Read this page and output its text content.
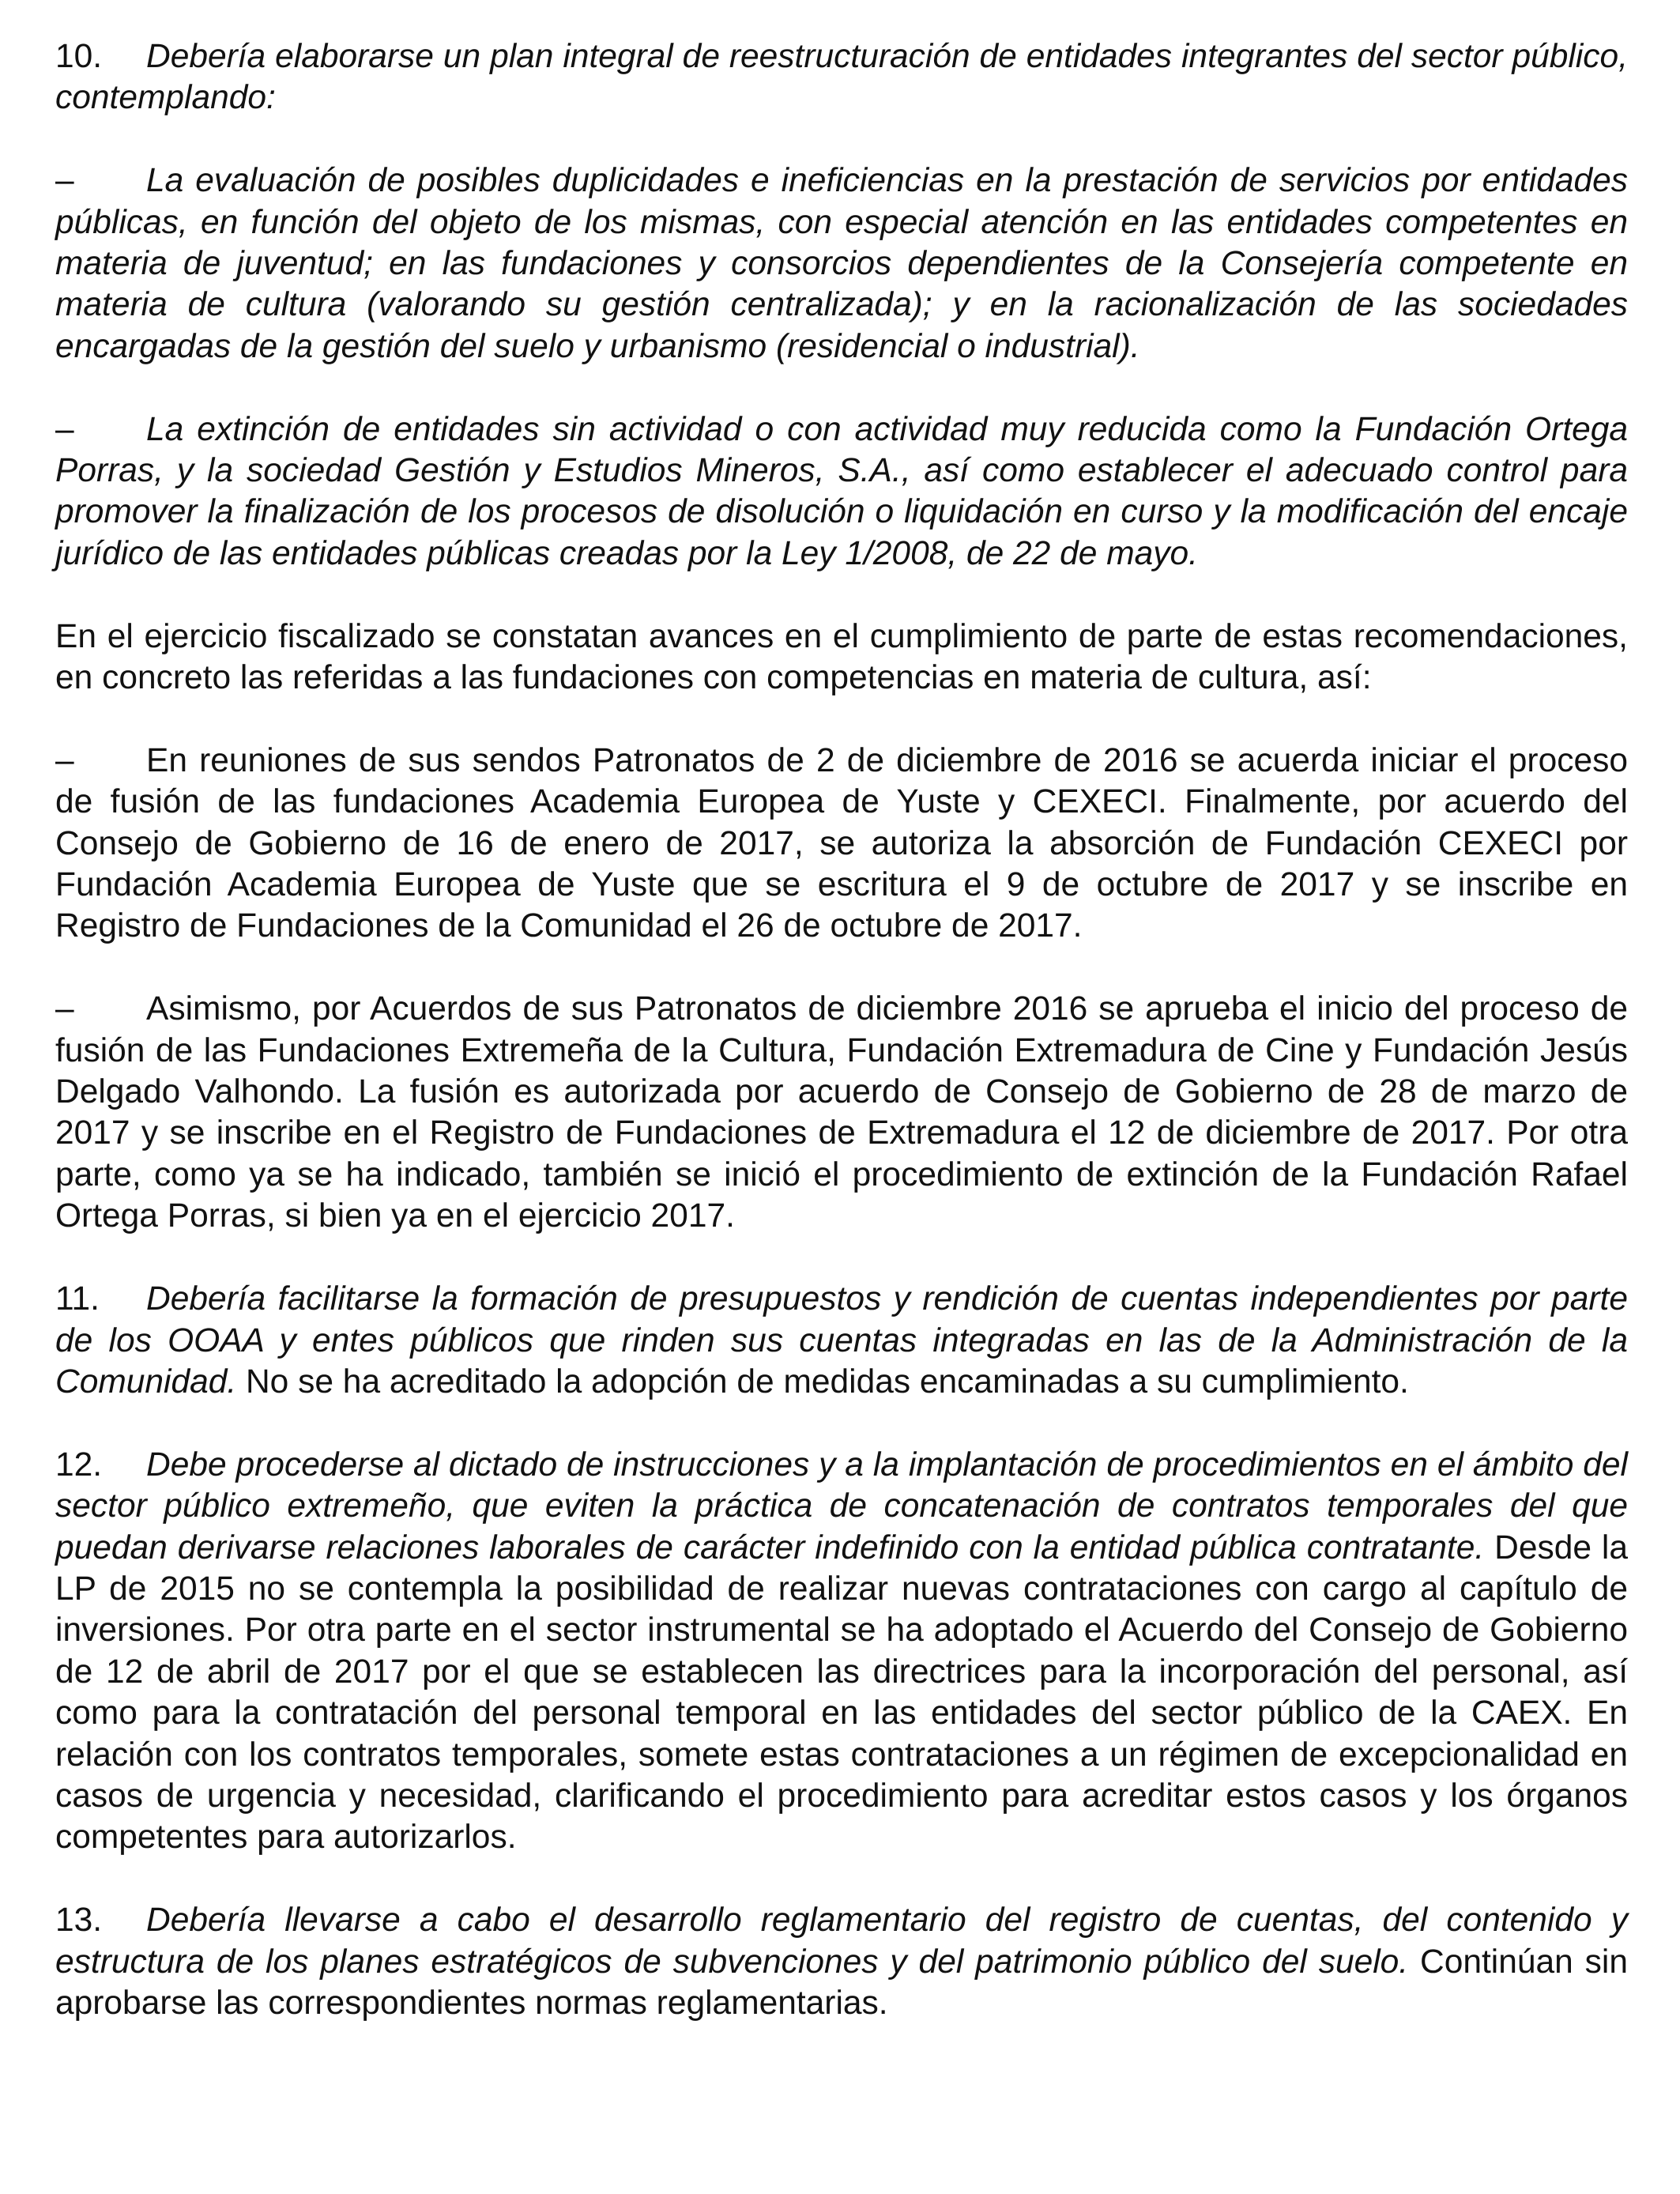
10. Debería elaborarse un plan integral de reestructuración de entidades integrantes del sector público, contemplando:

– La evaluación de posibles duplicidades e ineficiencias en la prestación de servicios por entidades públicas, en función del objeto de los mismas, con especial atención en las entidades competentes en materia de juventud; en las fundaciones y consorcios dependientes de la Consejería competente en materia de cultura (valorando su gestión centralizada); y en la racionalización de las sociedades encargadas de la gestión del suelo y urbanismo (residencial o industrial).

– La extinción de entidades sin actividad o con actividad muy reducida como la Fundación Ortega Porras, y la sociedad Gestión y Estudios Mineros, S.A., así como establecer el adecuado control para promover la finalización de los procesos de disolución o liquidación en curso y la modificación del encaje jurídico de las entidades públicas creadas por la Ley 1/2008, de 22 de mayo.

En el ejercicio fiscalizado se constatan avances en el cumplimiento de parte de estas recomendaciones, en concreto las referidas a las fundaciones con competencias en materia de cultura, así:

– En reuniones de sus sendos Patronatos de 2 de diciembre de 2016 se acuerda iniciar el proceso de fusión de las fundaciones Academia Europea de Yuste y CEXECI. Finalmente, por acuerdo del Consejo de Gobierno de 16 de enero de 2017, se autoriza la absorción de Fundación CEXECI por Fundación Academia Europea de Yuste que se escritura el 9 de octubre de 2017 y se inscribe en Registro de Fundaciones de la Comunidad el 26 de octubre de 2017.

– Asimismo, por Acuerdos de sus Patronatos de diciembre 2016 se aprueba el inicio del proceso de fusión de las Fundaciones Extremeña de la Cultura, Fundación Extremadura de Cine y Fundación Jesús Delgado Valhondo. La fusión es autorizada por acuerdo de Consejo de Gobierno de 28 de marzo de 2017 y se inscribe en el Registro de Fundaciones de Extremadura el 12 de diciembre de 2017. Por otra parte, como ya se ha indicado, también se inició el procedimiento de extinción de la Fundación Rafael Ortega Porras, si bien ya en el ejercicio 2017.

11. Debería facilitarse la formación de presupuestos y rendición de cuentas independientes por parte de los OOAA y entes públicos que rinden sus cuentas integradas en las de la Administración de la Comunidad. No se ha acreditado la adopción de medidas encaminadas a su cumplimiento.

12. Debe procederse al dictado de instrucciones y a la implantación de procedimientos en el ámbito del sector público extremeño, que eviten la práctica de concatenación de contratos temporales del que puedan derivarse relaciones laborales de carácter indefinido con la entidad pública contratante. Desde la LP de 2015 no se contempla la posibilidad de realizar nuevas contrataciones con cargo al capítulo de inversiones. Por otra parte en el sector instrumental se ha adoptado el Acuerdo del Consejo de Gobierno de 12 de abril de 2017 por el que se establecen las directrices para la incorporación del personal, así como para la contratación del personal temporal en las entidades del sector público de la CAEX. En relación con los contratos temporales, somete estas contrataciones a un régimen de excepcionalidad en casos de urgencia y necesidad, clarificando el procedimiento para acreditar estos casos y los órganos competentes para autorizarlos.

13. Debería llevarse a cabo el desarrollo reglamentario del registro de cuentas, del contenido y estructura de los planes estratégicos de subvenciones y del patrimonio público del suelo. Continúan sin aprobarse las correspondientes normas reglamentarias.
